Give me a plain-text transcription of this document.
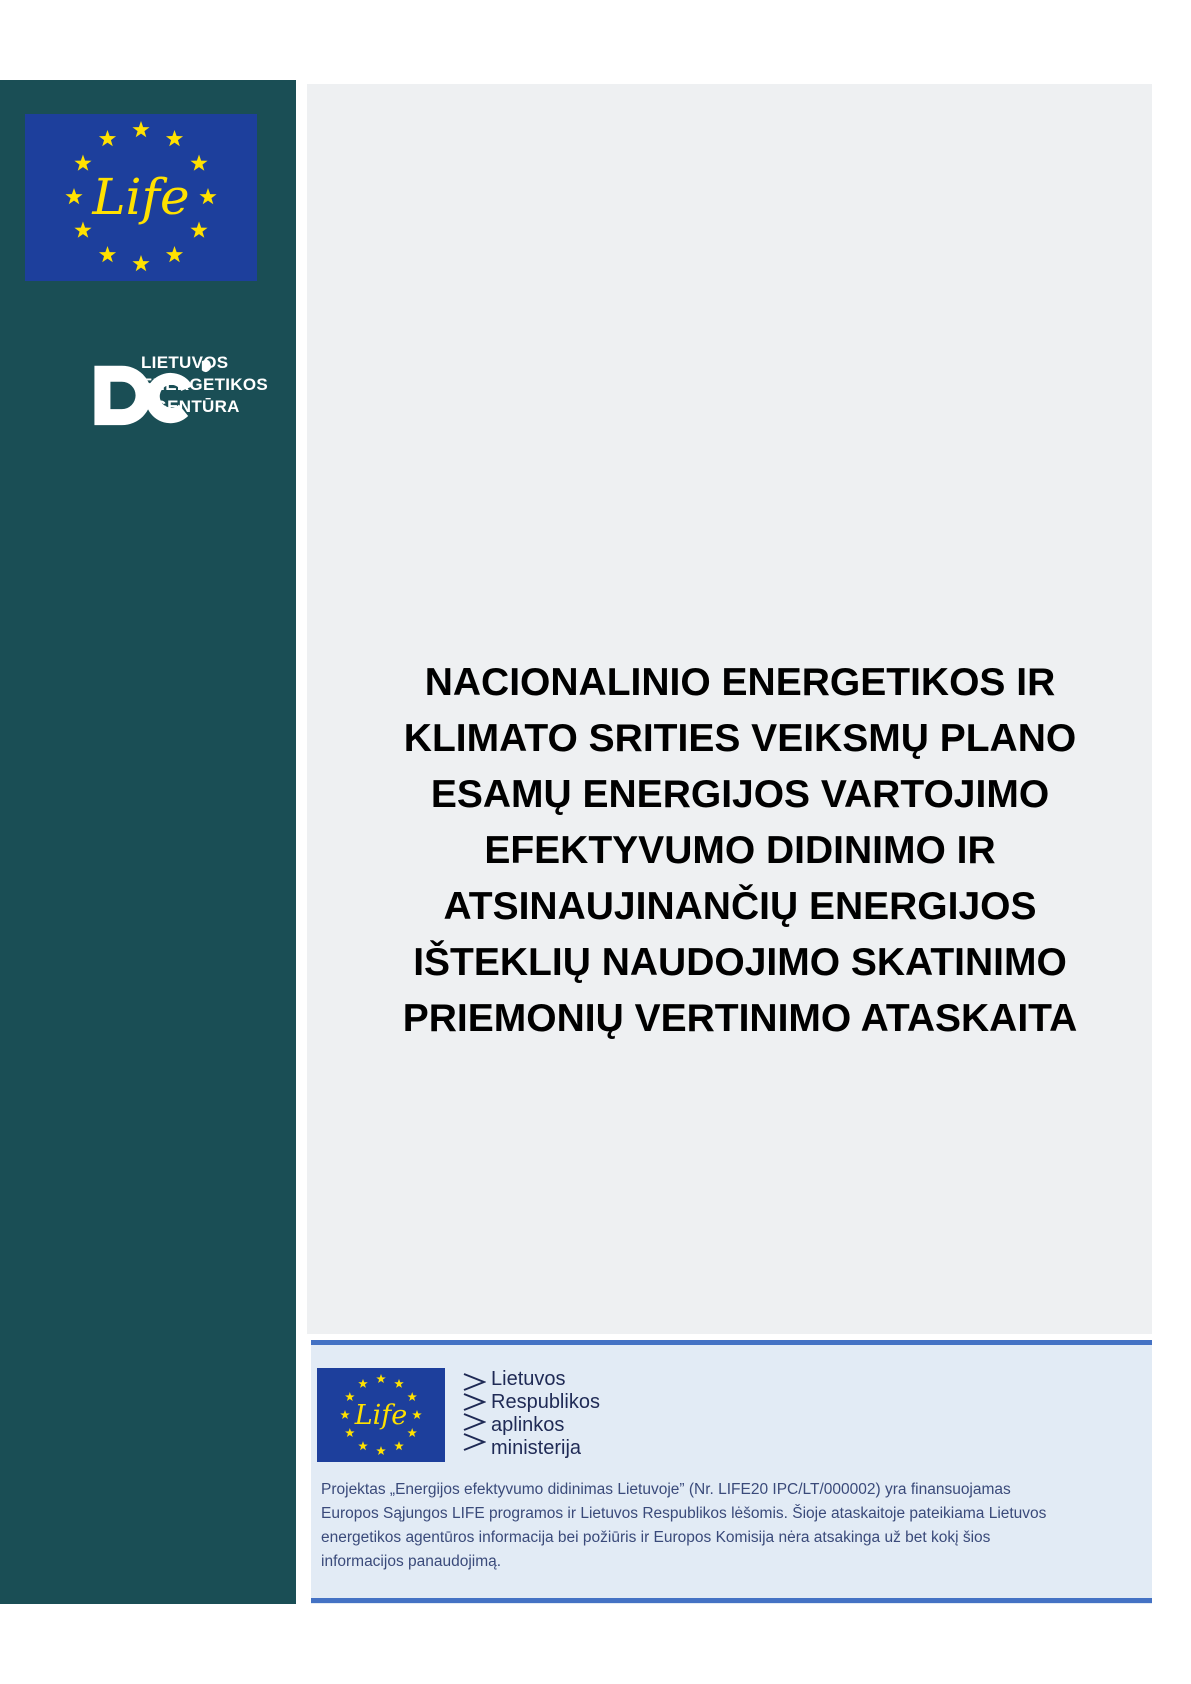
Life
LIETUVOS
ENERGETIKOS
AGENTŪRA
NACIONALINIO ENERGETIKOS IR
KLIMATO SRITIES VEIKSMŲ PLANO
ESAMŲ ENERGIJOS VARTOJIMO
EFEKTYVUMO DIDINIMO IR
ATSINAUJINANČIŲ ENERGIJOS
IŠTEKLIŲ NAUDOJIMO SKATINIMO
PRIEMONIŲ VERTINIMO ATASKAITA
Life
Lietuvos
Respublikos
aplinkos
ministerija
Projektas „Energijos efektyvumo didinimas Lietuvoje” (Nr. LIFE20 IPC/LT/000002) yra finansuojamas
Europos Sąjungos LIFE programos ir Lietuvos Respublikos lėšomis. Šioje ataskaitoje pateikiama Lietuvos
energetikos agentūros informacija bei požiūris ir Europos Komisija nėra atsakinga už bet kokį šios
informacijos panaudojimą.
